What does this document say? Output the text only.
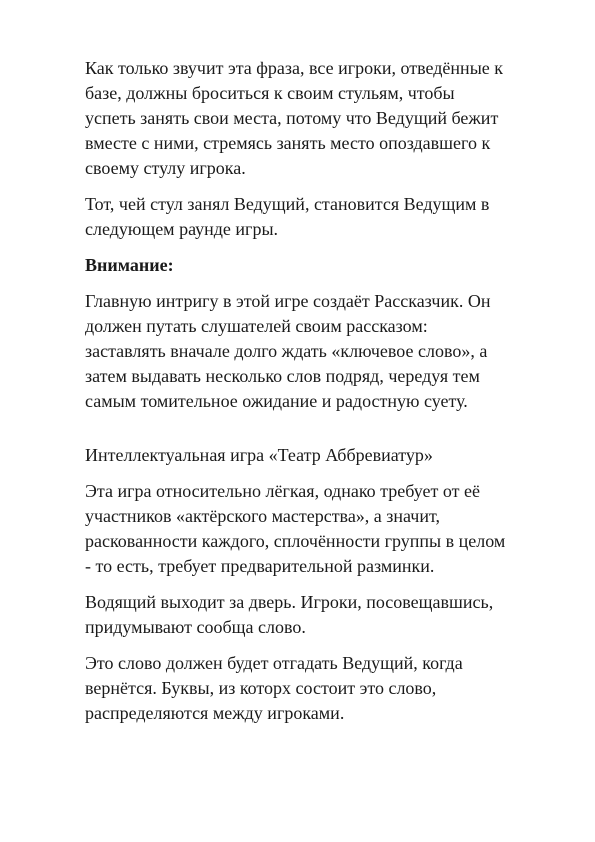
Как только звучит эта фраза, все игроки, отведённые к
базе, должны броситься к своим стульям, чтобы
успеть занять свои места, потому что Ведущий бежит
вместе с ними, стремясь занять место опоздавшего к
своему стулу игрока.
Тот, чей стул занял Ведущий, становится Ведущим в
следующем раунде игры.
Внимание:
Главную интригу в этой игре создаёт Рассказчик. Он
должен путать слушателей своим рассказом:
заставлять вначале долго ждать «ключевое слово», а
затем выдавать несколько слов подряд, чередуя тем
самым томительное ожидание и радостную суету.
Интеллектуальная игра «Театр Аббревиатур»
Эта игра относительно лёгкая, однако требует от её
участников «актёрского мастерства», а значит,
раскованности каждого, сплочённости группы в целом
- то есть, требует предварительной разминки.
Водящий выходит за дверь. Игроки, посовещавшись,
придумывают сообща слово.
Это слово должен будет отгадать Ведущий, когда
вернётся. Буквы, из которх состоит это слово,
распределяются между игроками.
